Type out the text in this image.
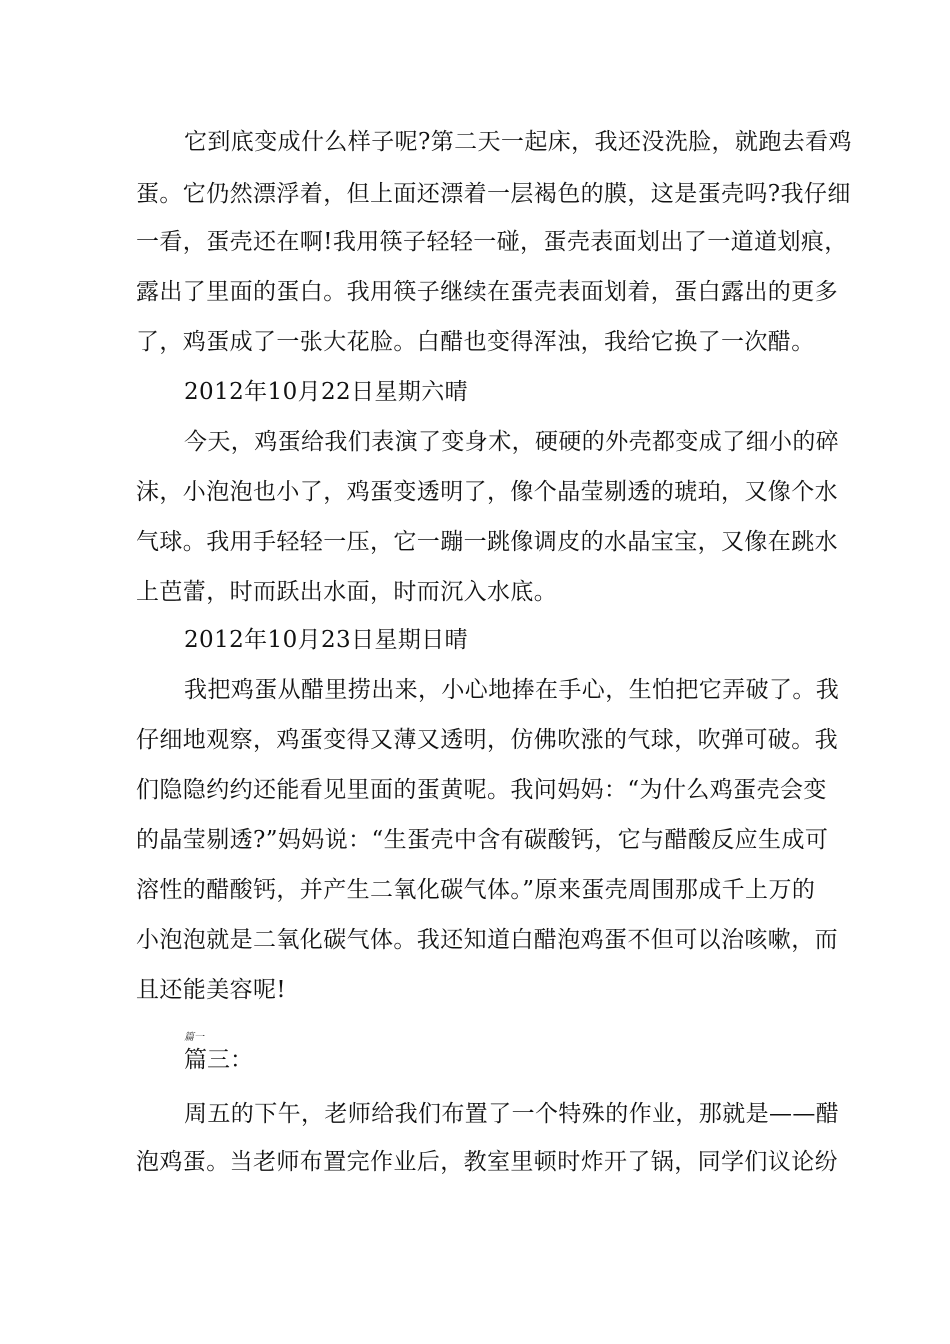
它到底变成什么样子呢?第二天一起床，我还没洗脸，就跑去看鸡
蛋。它仍然漂浮着，但上面还漂着一层褐色的膜，这是蛋壳吗?我仔细
一看，蛋壳还在啊!我用筷子轻轻一碰，蛋壳表面划出了一道道划痕，
露出了里面的蛋白。我用筷子继续在蛋壳表面划着，蛋白露出的更多
了，鸡蛋成了一张大花脸。白醋也变得浑浊，我给它换了一次醋。
2012年10月22日星期六晴
今天，鸡蛋给我们表演了变身术，硬硬的外壳都变成了细小的碎
沫，小泡泡也小了，鸡蛋变透明了，像个晶莹剔透的琥珀，又像个水
气球。我用手轻轻一压，它一蹦一跳像调皮的水晶宝宝，又像在跳水
上芭蕾，时而跃出水面，时而沉入水底。
2012年10月23日星期日晴
我把鸡蛋从醋里捞出来，小心地捧在手心，生怕把它弄破了。我
仔细地观察，鸡蛋变得又薄又透明，仿佛吹涨的气球，吹弹可破。我
们隐隐约约还能看见里面的蛋黄呢。我问妈妈：“为什么鸡蛋壳会变
的晶莹剔透?”妈妈说：“生蛋壳中含有碳酸钙，它与醋酸反应生成可
溶性的醋酸钙，并产生二氧化碳气体。”原来蛋壳周围那成千上万的
小泡泡就是二氧化碳气体。我还知道白醋泡鸡蛋不但可以治咳嗽，而
且还能美容呢!
篇一
篇三：
周五的下午，老师给我们布置了一个特殊的作业，那就是——醋
泡鸡蛋。当老师布置完作业后，教室里顿时炸开了锅，同学们议论纷
